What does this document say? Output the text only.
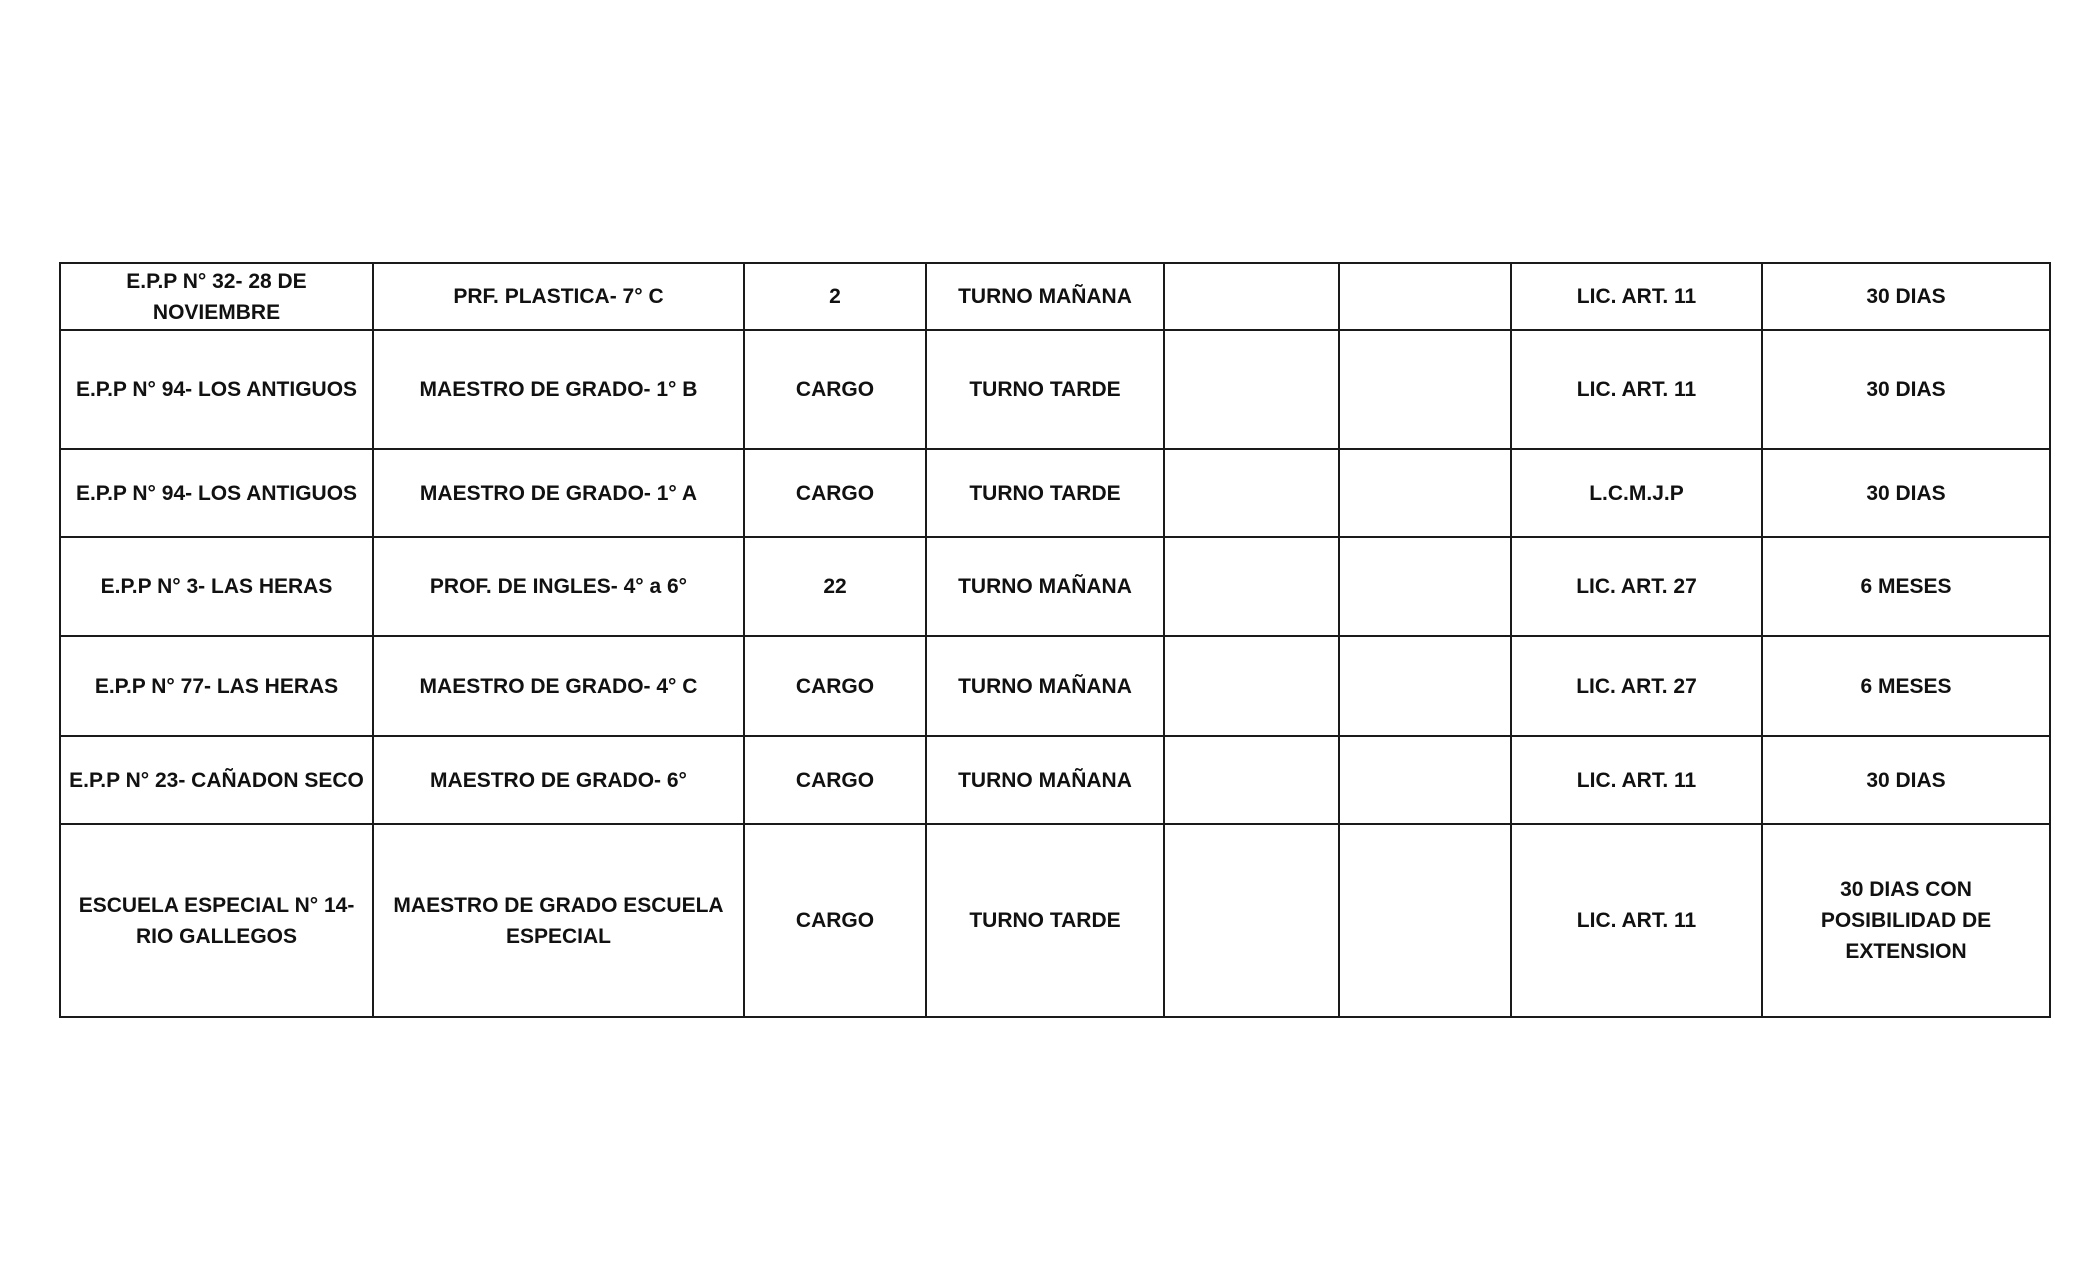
E.P.P N° 32- 28 DE NOVIEMBRE	PRF. PLASTICA- 7° C	2	TURNO MAÑANA			LIC. ART. 11	30 DIAS
E.P.P N° 94- LOS ANTIGUOS	MAESTRO DE GRADO- 1° B	CARGO	TURNO TARDE			LIC. ART. 11	30 DIAS
E.P.P N° 94- LOS ANTIGUOS	MAESTRO DE GRADO- 1° A	CARGO	TURNO TARDE			L.C.M.J.P	30 DIAS
E.P.P N° 3- LAS HERAS	PROF. DE INGLES- 4° a 6°	22	TURNO MAÑANA			LIC. ART. 27	6 MESES
E.P.P N° 77- LAS HERAS	MAESTRO DE GRADO- 4° C	CARGO	TURNO MAÑANA			LIC. ART. 27	6 MESES
E.P.P N° 23- CAÑADON SECO	MAESTRO DE GRADO- 6°	CARGO	TURNO MAÑANA			LIC. ART. 11	30 DIAS
ESCUELA ESPECIAL N° 14- RIO GALLEGOS	MAESTRO DE GRADO ESCUELA ESPECIAL	CARGO	TURNO TARDE			LIC. ART. 11	30 DIAS CON POSIBILIDAD DE EXTENSION
